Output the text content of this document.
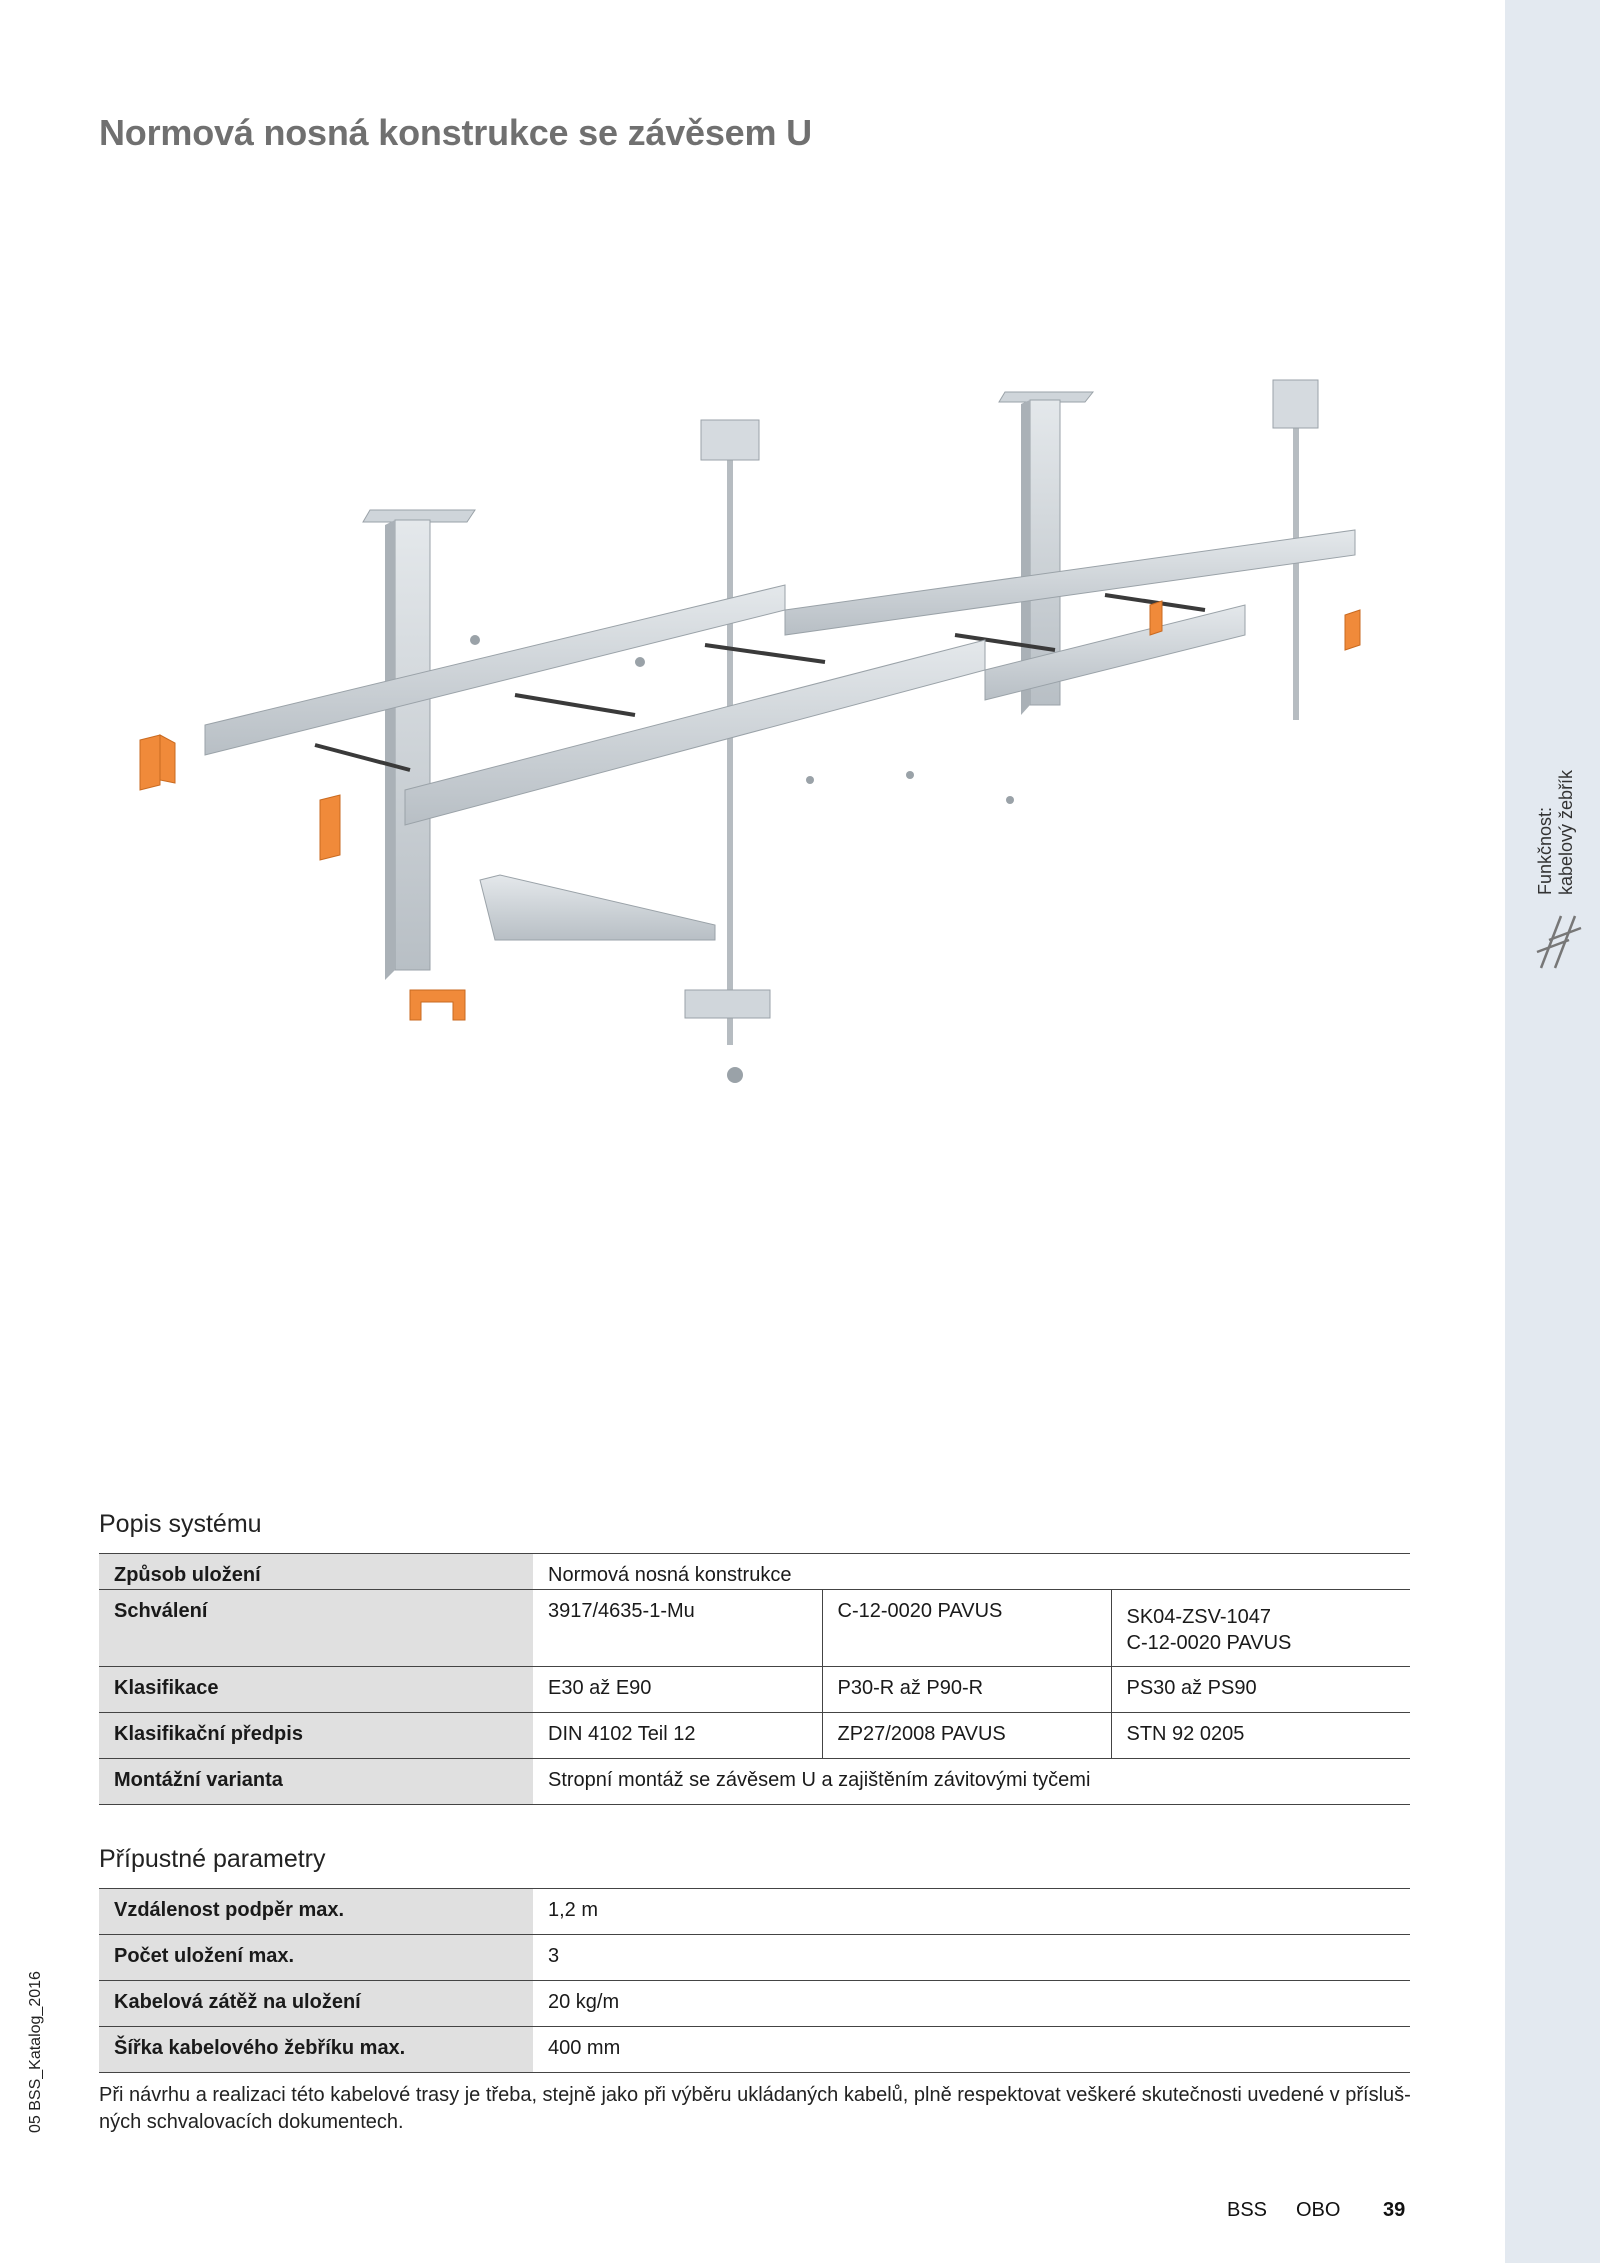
Funkčnost: kabelový žebřík
Normová nosná konstrukce se závěsem U
Popis systému
Způsob uložení	Normová nosná konstrukce		
Schválení	3917/4635-1-Mu	C-12-0020 PAVUS	SK04-ZSV-1047
C-12-0020 PAVUS

Klasifikace	E30 až E90	P30-R až P90-R	PS30 až PS90
Klasifikační předpis	DIN 4102 Teil 12	ZP27/2008 PAVUS	STN 92 0205
Montážní varianta	Stropní montáž se závěsem U a zajištěním závitovými tyčemi		
Přípustné parametry
Vzdálenost podpěr max.	1,2 m
Počet uložení max.	3
Kabelová zátěž na uložení	20 kg/m
Šířka kabelového žebříku max.	400 mm
Při návrhu a realizaci této kabelové trasy je třeba, stejně jako při výběru ukládaných kabelů, plně respektovat veškeré skutečnosti uvedené v přísluš- ných schvalovacích dokumentech.
05 BSS_Katalog_2016
BSS OBO 39
